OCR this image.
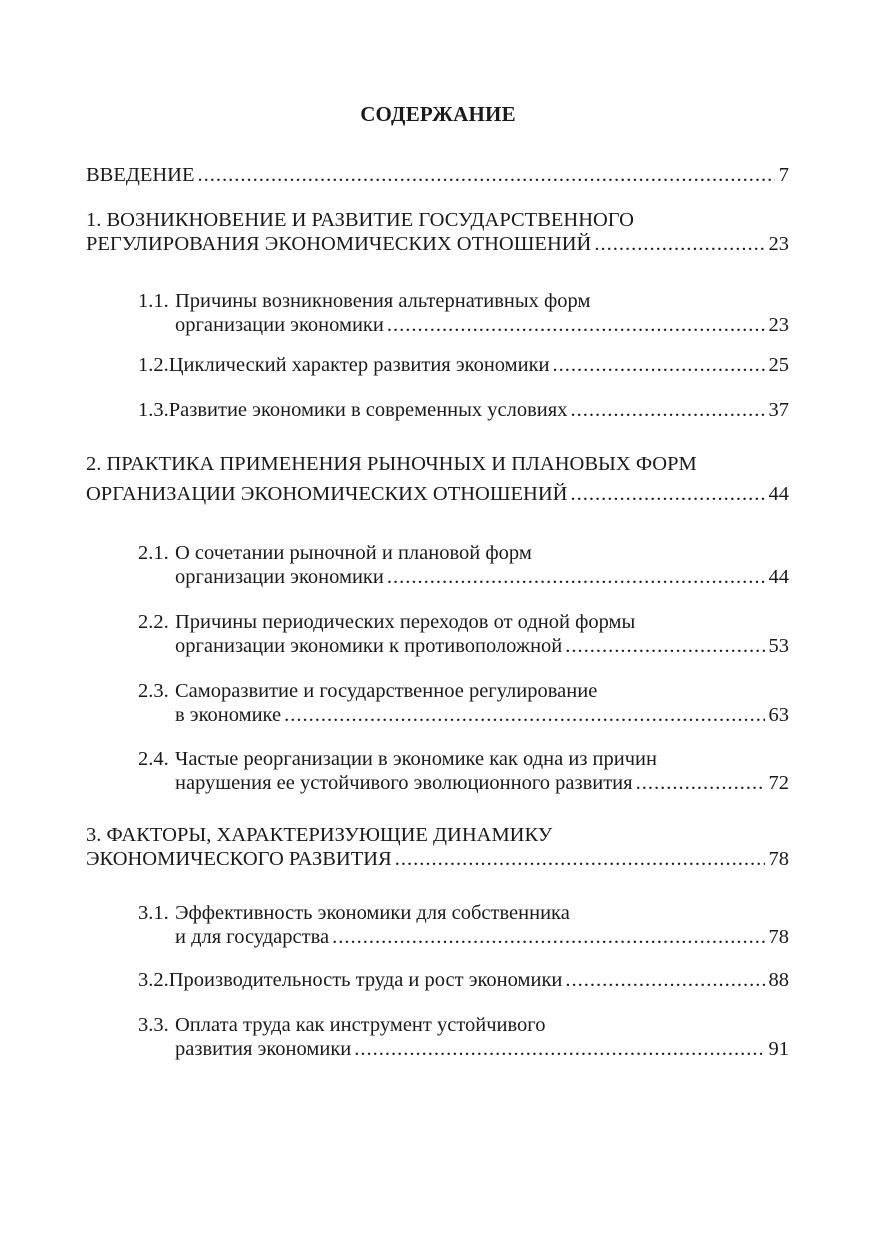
СОДЕРЖАНИЕ
ВВЕДЕНИЕ .....	7
1. ВОЗНИКНОВЕНИЕ И РАЗВИТИЕ ГОСУДАРСТВЕННОГО
РЕГУЛИРОВАНИЯ ЭКОНОМИЧЕСКИХ ОТНОШЕНИЙ .....	23
1.1. Причины возникновения альтернативных форм
организации экономики .....	23
1.2. Циклический характер развития экономики .....	25
1.3. Развитие экономики в современных условиях .....	37
2. ПРАКТИКА ПРИМЕНЕНИЯ РЫНОЧНЫХ И ПЛАНОВЫХ ФОРМ
ОРГАНИЗАЦИИ ЭКОНОМИЧЕСКИХ ОТНОШЕНИЙ .....	44
2.1. О сочетании рыночной и плановой форм
организации экономики .....	44
2.2. Причины периодических переходов от одной формы
организации экономики к противоположной .....	53
2.3. Саморазвитие и государственное регулирование
в экономике .....	63
2.4. Частые реорганизации в экономике как одна из причин
нарушения ее устойчивого эволюционного развития .....	72
3. ФАКТОРЫ, ХАРАКТЕРИЗУЮЩИЕ ДИНАМИКУ
ЭКОНОМИЧЕСКОГО РАЗВИТИЯ .....	78
3.1. Эффективность экономики для собственника
и для государства .....	78
3.2. Производительность труда и рост экономики .....	88
3.3. Оплата труда как инструмент устойчивого
развития экономики .....	91
